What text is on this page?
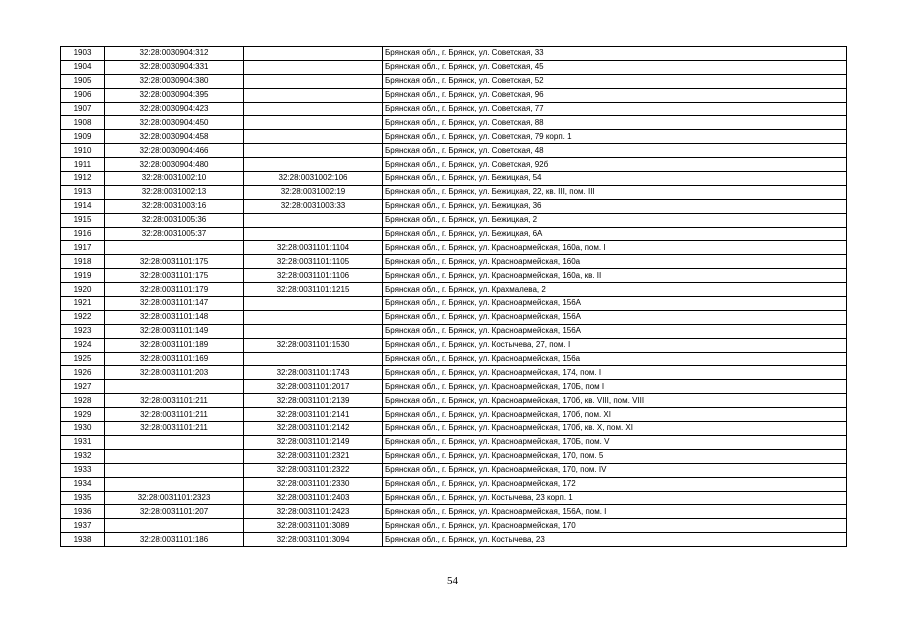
1903	32:28:0030904:312		Брянская обл., г. Брянск, ул. Советская, 33
1904	32:28:0030904:331		Брянская обл., г. Брянск, ул. Советская, 45
1905	32:28:0030904:380		Брянская обл., г. Брянск, ул. Советская, 52
1906	32:28:0030904:395		Брянская обл., г. Брянск, ул. Советская, 96
1907	32:28:0030904:423		Брянская обл., г. Брянск, ул. Советская, 77
1908	32:28:0030904:450		Брянская обл., г. Брянск, ул. Советская, 88
1909	32:28:0030904:458		Брянская обл., г. Брянск, ул. Советская, 79 корп. 1
1910	32:28:0030904:466		Брянская обл., г. Брянск, ул. Советская, 48
1911	32:28:0030904:480		Брянская обл., г. Брянск, ул. Советская, 92б
1912	32:28:0031002:10	32:28:0031002:106	Брянская обл., г. Брянск, ул. Бежицкая, 54
1913	32:28:0031002:13	32:28:0031002:19	Брянская обл., г. Брянск, ул. Бежицкая, 22, кв. III, пом. III
1914	32:28:0031003:16	32:28:0031003:33	Брянская обл., г. Брянск, ул. Бежицкая, 36
1915	32:28:0031005:36		Брянская обл., г. Брянск, ул. Бежицкая, 2
1916	32:28:0031005:37		Брянская обл., г. Брянск, ул. Бежицкая, 6А
1917		32:28:0031101:1104	Брянская обл., г. Брянск, ул. Красноармейская, 160а, пом. I
1918	32:28:0031101:175	32:28:0031101:1105	Брянская обл., г. Брянск, ул. Красноармейская, 160а
1919	32:28:0031101:175	32:28:0031101:1106	Брянская обл., г. Брянск, ул. Красноармейская, 160а, кв. II
1920	32:28:0031101:179	32:28:0031101:1215	Брянская обл., г. Брянск, ул. Крахмалева, 2
1921	32:28:0031101:147		Брянская обл., г. Брянск, ул. Красноармейская, 156А
1922	32:28:0031101:148		Брянская обл., г. Брянск, ул. Красноармейская, 156А
1923	32:28:0031101:149		Брянская обл., г. Брянск, ул. Красноармейская, 156А
1924	32:28:0031101:189	32:28:0031101:1530	Брянская обл., г. Брянск, ул. Костычева, 27, пом. I
1925	32:28:0031101:169		Брянская обл., г. Брянск, ул. Красноармейская, 156а
1926	32:28:0031101:203	32:28:0031101:1743	Брянская обл., г. Брянск, ул. Красноармейская, 174, пом. I
1927		32:28:0031101:2017	Брянская обл., г. Брянск, ул. Красноармейская, 170Б, пом I
1928	32:28:0031101:211	32:28:0031101:2139	Брянская обл., г. Брянск, ул. Красноармейская, 170б, кв. VIII, пом. VIII
1929	32:28:0031101:211	32:28:0031101:2141	Брянская обл., г. Брянск, ул. Красноармейская, 170б, пом. XI
1930	32:28:0031101:211	32:28:0031101:2142	Брянская обл., г. Брянск, ул. Красноармейская, 170б, кв. X, пом. XI
1931		32:28:0031101:2149	Брянская обл., г. Брянск, ул. Красноармейская, 170Б, пом. V
1932		32:28:0031101:2321	Брянская обл., г. Брянск, ул. Красноармейская, 170, пом. 5
1933		32:28:0031101:2322	Брянская обл., г. Брянск, ул. Красноармейская, 170, пом. IV
1934		32:28:0031101:2330	Брянская обл., г. Брянск, ул. Красноармейская, 172
1935	32:28:0031101:2323	32:28:0031101:2403	Брянская обл., г. Брянск, ул. Костычева, 23 корп. 1
1936	32:28:0031101:207	32:28:0031101:2423	Брянская обл., г. Брянск, ул. Красноармейская, 156А, пом. I
1937		32:28:0031101:3089	Брянская обл., г. Брянск, ул. Красноармейская, 170
1938	32:28:0031101:186	32:28:0031101:3094	Брянская обл., г. Брянск, ул. Костычева, 23
54
